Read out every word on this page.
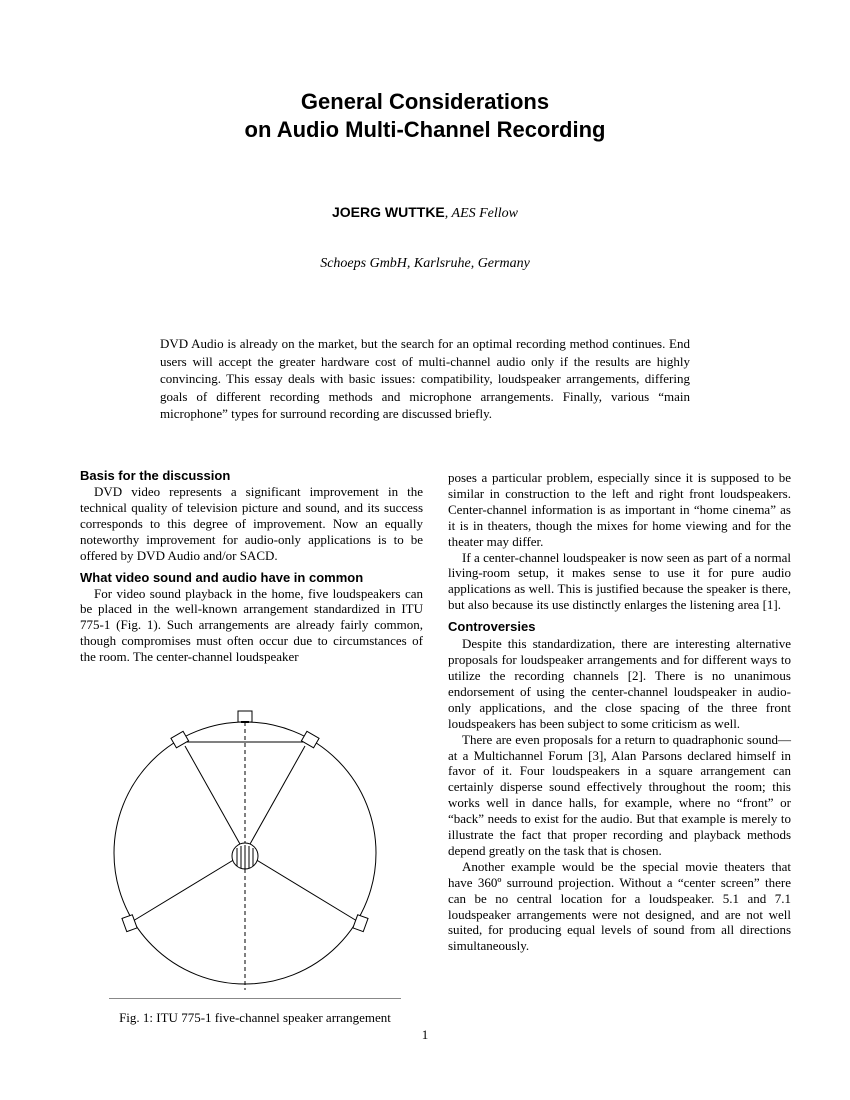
General Considerations
on Audio Multi-Channel Recording
JOERG WUTTKE, AES Fellow
Schoeps GmbH, Karlsruhe, Germany
DVD Audio is already on the market, but the search for an optimal recording method continues. End users will accept the greater hardware cost of multi-channel audio only if the results are highly convincing. This essay deals with basic issues: compatibility, loudspeaker arrangements, differing goals of different recording methods and microphone arrangements. Finally, various “main microphone” types for surround recording are discussed briefly.
Basis for the discussion

DVD video represents a significant improvement in the technical quality of television picture and sound, and its success corresponds to this degree of improvement. Now an equally noteworthy improvement for audio-only applications is to be offered by DVD Audio and/or SACD.

What video sound and audio have in common

For video sound playback in the home, five loudspeakers can be placed in the well-known arrangement standardized in ITU 775-1 (Fig. 1). Such arrangements are already fairly common, though compromises must often occur due to circumstances of the room. The center-channel loudspeaker

poses a particular problem, especially since it is supposed to be similar in construction to the left and right front loudspeakers. Center-channel information is as important in “home cinema” as it is in theaters, though the mixes for home viewing and for the theater may differ.

If a center-channel loudspeaker is now seen as part of a normal living-room setup, it makes sense to use it for pure audio applications as well. This is justified because the speaker is there, but also because its use distinctly enlarges the listening area [1].

Controversies

Despite this standardization, there are interesting alternative proposals for loudspeaker arrangements and for different ways to utilize the recording channels [2]. There is no unanimous endorsement of using the center-channel loudspeaker in audio-only applications, and the close spacing of the three front loudspeakers has been subject to some criticism as well.

There are even proposals for a return to quadraphonic sound—at a Multichannel Forum [3], Alan Parsons declared himself in favor of it. Four loudspeakers in a square arrangement can certainly disperse sound effectively throughout the room; this works well in dance halls, for example, where no “front” or “back” needs to exist for the audio. But that example is merely to illustrate the fact that proper recording and playback methods depend greatly on the task that is chosen.

Another example would be the special movie theaters that have 360º surround projection. Without a “center screen” there can be no central location for a loudspeaker. 5.1 and 7.1 loudspeaker arrangements were not designed, and are not well suited, for producing equal levels of sound from all directions simultaneously.

Fig. 1: ITU 775-1 five-channel speaker arrangement
1
